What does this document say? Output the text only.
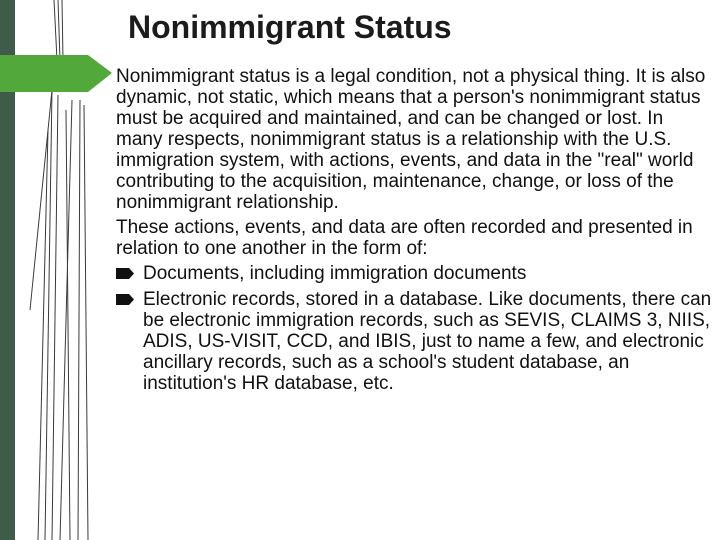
Nonimmigrant Status

Nonimmigrant status is a legal condition, not a physical thing. It is also dynamic, not static, which means that a person's nonimmigrant status must be acquired and maintained, and can be changed or lost. In many respects, nonimmigrant status is a relationship with the U.S. immigration system, with actions, events, and data in the "real" world contributing to the acquisition, maintenance, change, or loss of the nonimmigrant relationship.

These actions, events, and data are often recorded and presented in relation to one another in the form of:

Documents, including immigration documents
Electronic records, stored in a database. Like documents, there can be electronic immigration records, such as SEVIS, CLAIMS 3, NIIS, ADIS, US-VISIT, CCD, and IBIS, just to name a few, and electronic ancillary records, such as a school's student database, an institution's HR database, etc.
